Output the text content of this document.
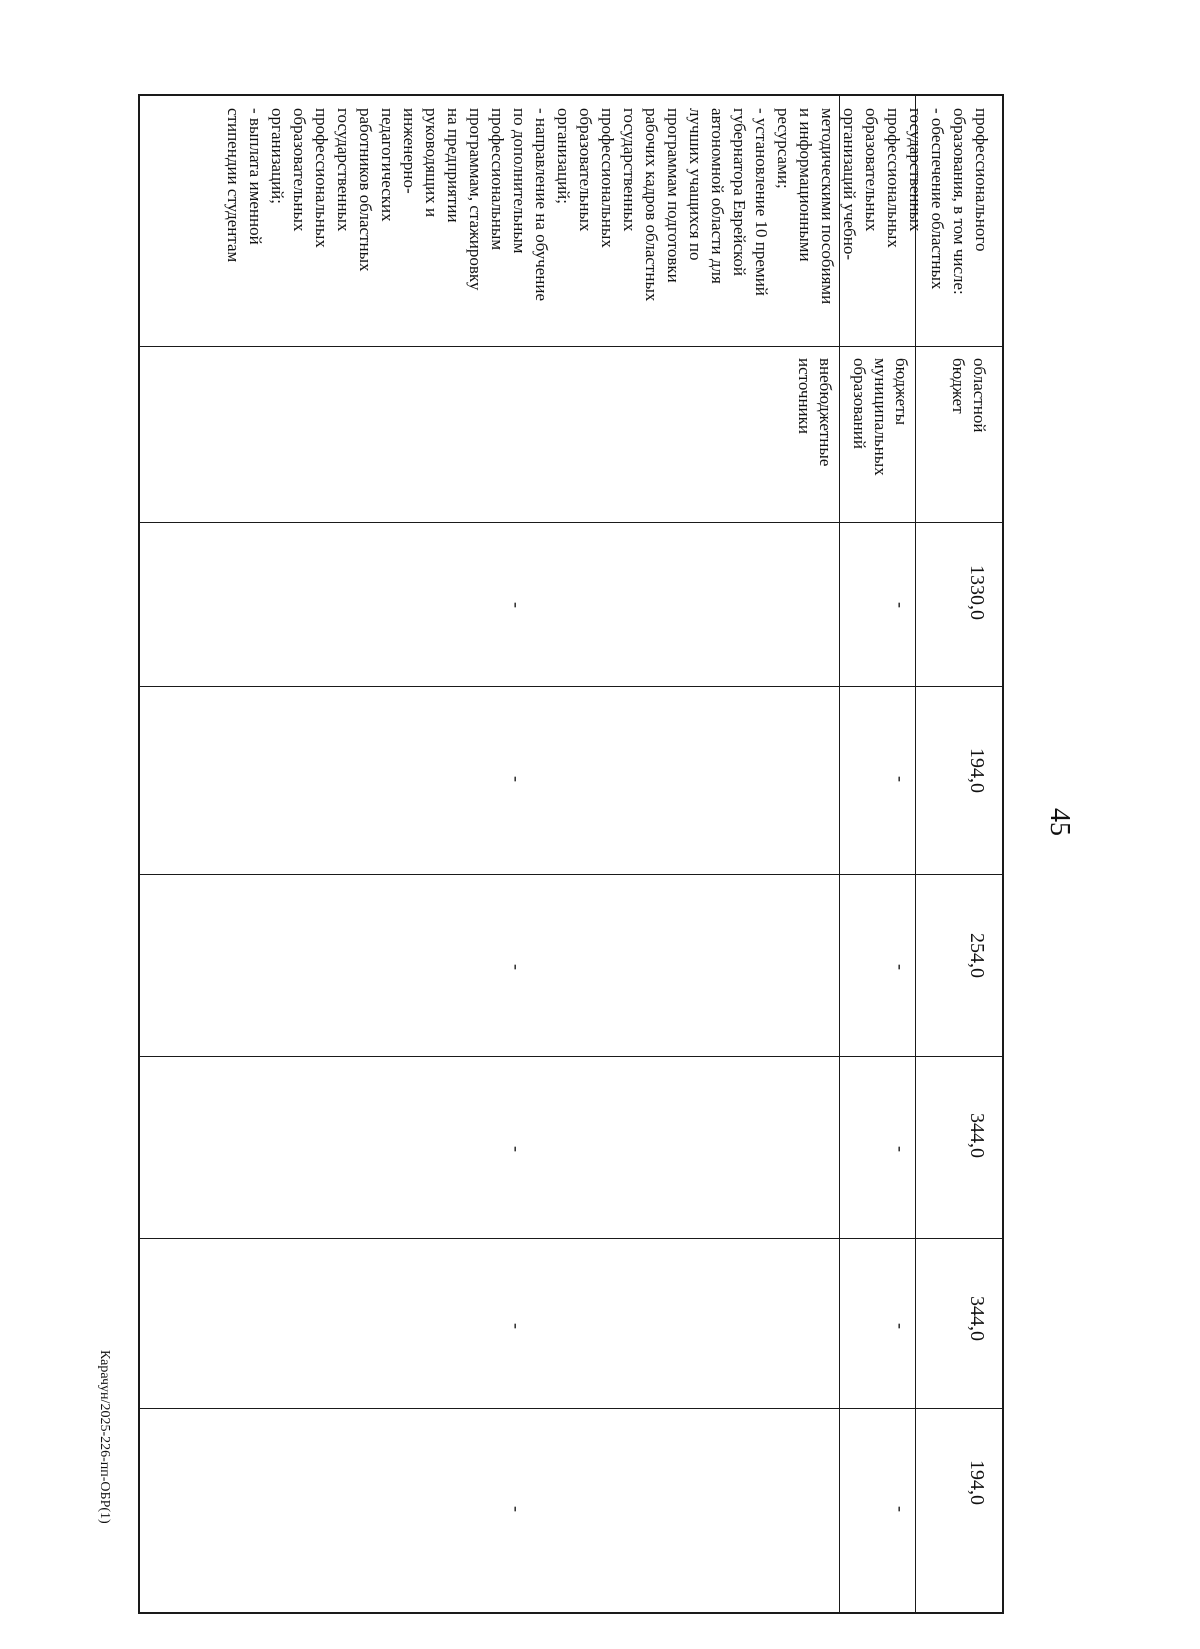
45
Карачун/2025-226-пп-ОБР(1)
профессионального
образования, в том числе:
- обеспечение областных
государственных
профессиональных
образовательных
организаций учебно-
методическими пособиями
и информационными
ресурсами;
- установление 10 премий
губернатора Еврейской
автономной области для
лучших учащихся по
программам подготовки
рабочих кадров областных
государственных
профессиональных
образовательных
организаций;
- направление на обучение
по дополнительным
профессиональным
программам, стажировку
на предприятии
руководящих и
инженерно-
педагогических
работников областных
государственных
профессиональных
образовательных
организаций;
- выплата именной
стипендии студентам
областной
бюджет
бюджеты
муниципальных
образований
внебюджетные
источники
1330,0
194,0
254,0
344,0
344,0
194,0
-
-
-
-
-
-
-
-
-
-
-
-
